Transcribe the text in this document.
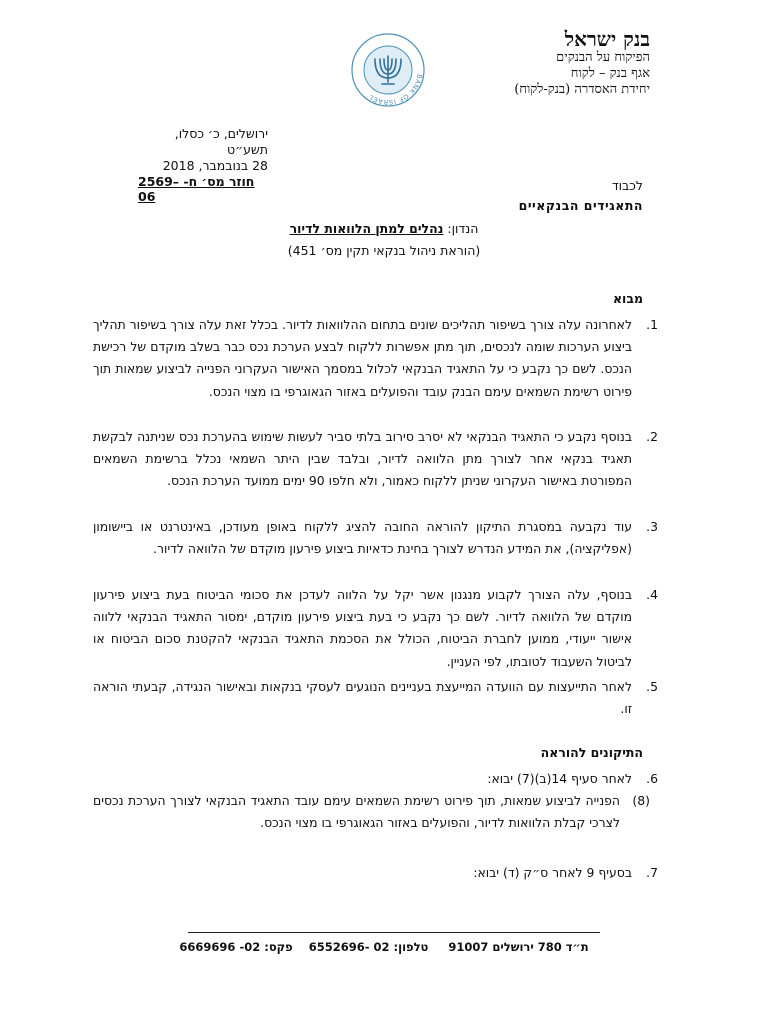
בנק ישראל
הפיקוח על הבנקים
אגף בנק – לקוח
יחידת האסדרה (בנק-לקוח)
BANK OF ISRAEL
ירושלים, כ׳ כסלו, תשע״ט
28 בנובמבר, 2018
2569– חוזר מס׳ ח- 06
לכבוד
התאגידים הבנקאיים
הנדון: נהלים למתן הלוואות לדיור
(הוראת ניהול בנקאי תקין מס׳ 451)
מבוא
1.
לאחרונה עלה צורך בשיפור תהליכים שונים בתחום ההלוואות לדיור. בכלל זאת עלה צורך בשיפור תהליך ביצוע הערכות שומה לנכסים, תוך מתן אפשרות ללקוח לבצע הערכת נכס כבר בשלב מוקדם של רכישת הנכס. לשם כך נקבע כי על התאגיד הבנקאי לכלול במסמך האישור העקרוני הפנייה לביצוע שמאות תוך פירוט רשימת השמאים עימם הבנק עובד והפועלים באזור הגאוגרפי בו מצוי הנכס.
2.
בנוסף נקבע כי התאגיד הבנקאי לא יסרב סירוב בלתי סביר לעשות שימוש בהערכת נכס שניתנה לבקשת תאגיד בנקאי אחר לצורך מתן הלוואה לדיור, ובלבד שבין היתר השמאי נכלל ברשימת השמאים המפורטת באישור העקרוני שניתן ללקוח כאמור, ולא חלפו 90 ימים ממועד הערכת הנכס.
3.
עוד נקבעה במסגרת התיקון להוראה החובה להציג ללקוח באופן מעודכן, באינטרנט או ביישומון (אפליקציה), את המידע הנדרש לצורך בחינת כדאיות ביצוע פירעון מוקדם של הלוואה לדיור.
4.
בנוסף, עלה הצורך לקבוע מנגנון אשר יקל על הלווה לעדכן את סכומי הביטוח בעת ביצוע פירעון מוקדם של הלוואה לדיור. לשם כך נקבע כי בעת ביצוע פירעון מוקדם, ימסור התאגיד הבנקאי ללווה אישור ייעודי, ממוען לחברת הביטוח, הכולל את הסכמת התאגיד הבנקאי להקטנת סכום הביטוח או לביטול השעבוד לטובתו, לפי העניין.
5.
לאחר התייעצות עם הוועדה המייעצת בעניינים הנוגעים לעסקי בנקאות ובאישור הנגידה, קבעתי הוראה זו.
התיקונים להוראה
6.
לאחר סעיף 14(ב)(7) יבוא:
(8)
הפנייה לביצוע שמאות, תוך פירוט רשימת השמאים עימם עובד התאגיד הבנקאי לצורך הערכת נכסים לצרכי קבלת הלוואות לדיור, והפועלים באזור הגאוגרפי בו מצוי הנכס.
7.
בסעיף 9 לאחר ס״ק (ד) יבוא:
ת״ד 780 ירושלים 91007     טלפון: 02 -6552696    פקס: 02- 6669696
